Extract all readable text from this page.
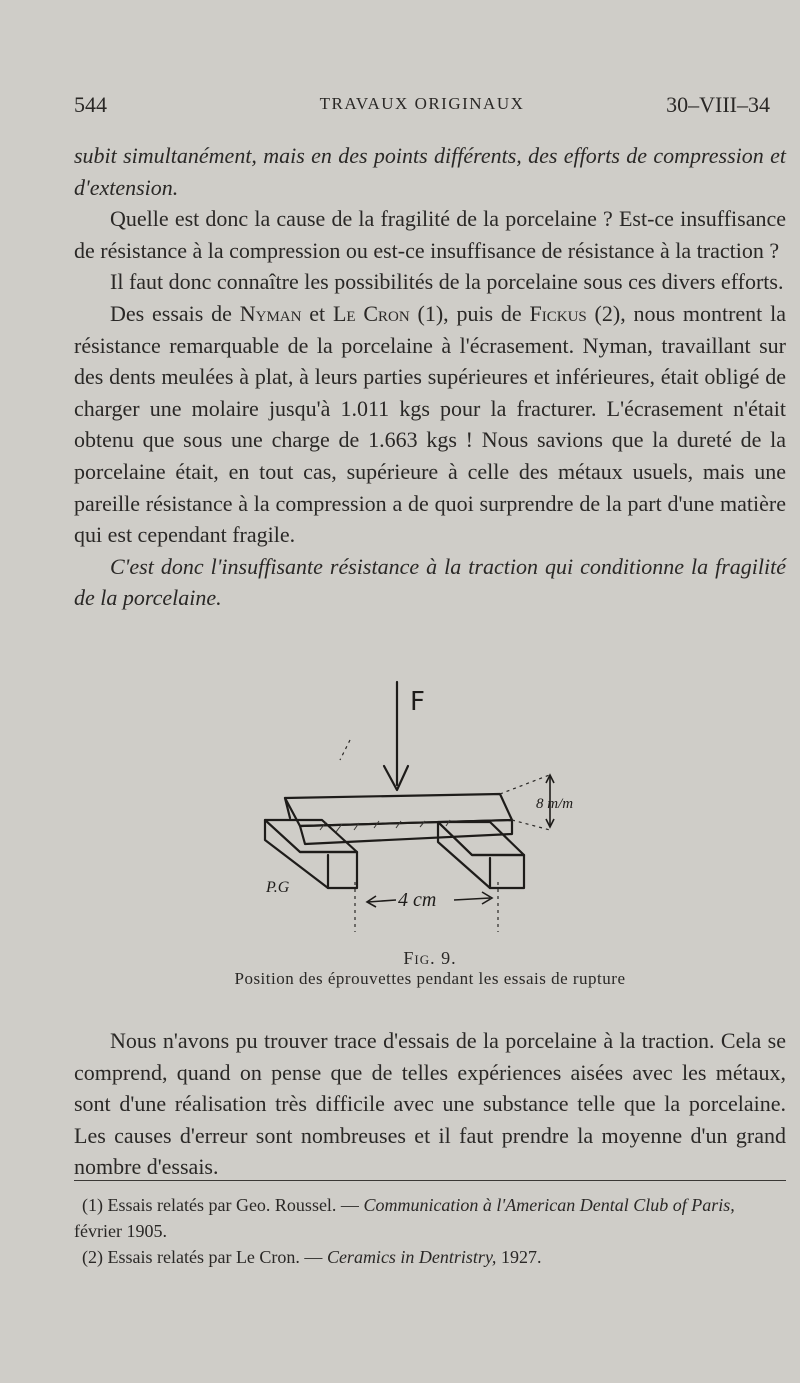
544	TRAVAUX ORIGINAUX	30–VIII–34

subit simultanément, mais en des points différents, des efforts de compression et d'extension.

Quelle est donc la cause de la fragilité de la porcelaine ? Est-ce insuffisance de résistance à la compression ou est-ce insuffisance de résistance à la traction ?

Il faut donc connaître les possibilités de la porcelaine sous ces divers efforts.

Des essais de Nyman et Le Cron (1), puis de Fickus (2), nous montrent la résistance remarquable de la porcelaine à l'écrasement. Nyman, travaillant sur des dents meulées à plat, à leurs parties supérieures et inférieures, était obligé de charger une molaire jusqu'à 1.011 kgs pour la fracturer. L'écrasement n'était obtenu que sous une charge de 1.663 kgs ! Nous savions que la dureté de la porcelaine était, en tout cas, supérieure à celle des métaux usuels, mais une pareille résistance à la compression a de quoi surprendre de la part d'une matière qui est cependant fragile.

C'est donc l'insuffisante résistance à la traction qui conditionne la fragilité de la porcelaine.

F
8 m/m
4 cm
P.G
Fig. 9.
Position des éprouvettes pendant les essais de rupture

Nous n'avons pu trouver trace d'essais de la porcelaine à la traction. Cela se comprend, quand on pense que de telles expériences aisées avec les métaux, sont d'une réalisation très difficile avec une substance telle que la porcelaine. Les causes d'erreur sont nombreuses et il faut prendre la moyenne d'un grand nombre d'essais.

(1) Essais relatés par Geo. Roussel. — Communication à l'American Dental Club of Paris, février 1905.

(2) Essais relatés par Le Cron. — Ceramics in Dentristry, 1927.
